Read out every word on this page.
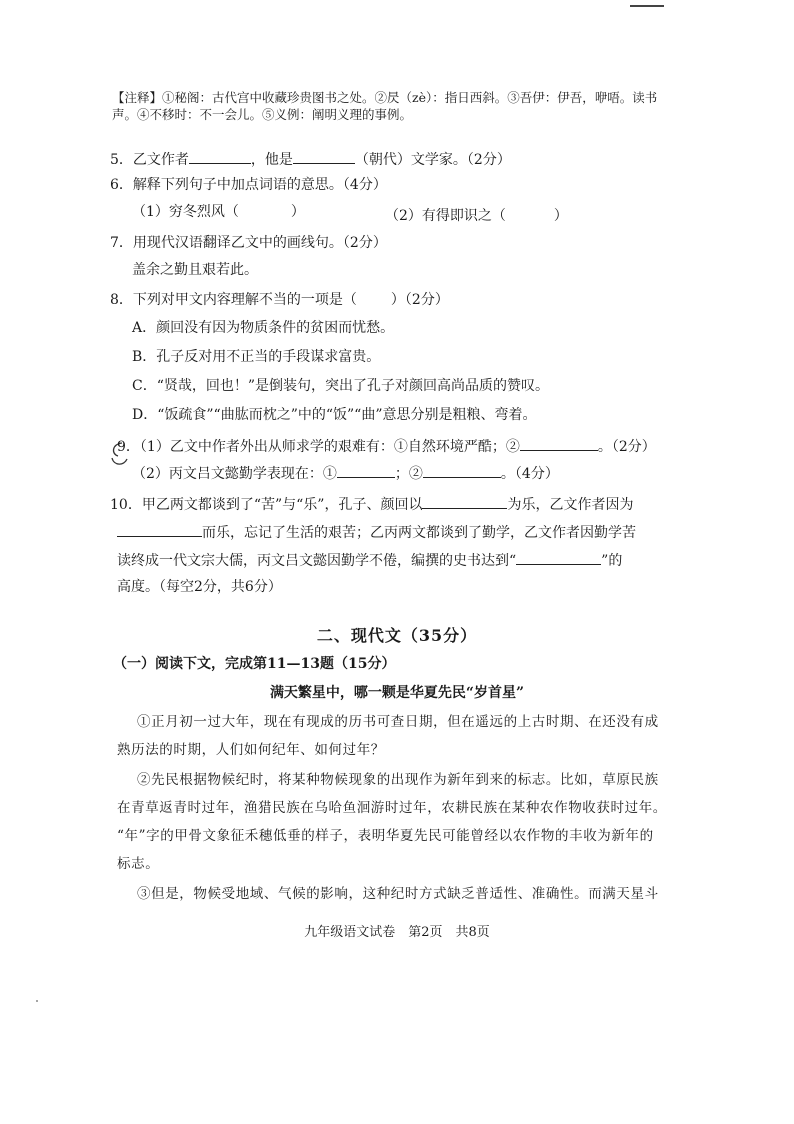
【注释】①秘阁：古代宫中收藏珍贵图书之处。②昃（zè）：指日西斜。③吾伊：伊吾，咿唔。读书
声。④不移时：不一会儿。⑤义例：阐明义理的事例。
5．乙文作者	，他是	（朝代）文学家。（2分）
6．解释下列句子中加点词语的意思。（4分）
（1）穷冬烈风（	）	（2）有得即识之（	）
7．用现代汉语翻译乙文中的画线句。（2分）
盖余之勤且艰若此。
8．下列对甲文内容理解不当的一项是（ ）（2分）
A．颜回没有因为物质条件的贫困而忧愁。
B．孔子反对用不正当的手段谋求富贵。
C．“贤哉，回也！”是倒装句，突出了孔子对颜回高尚品质的赞叹。
D．“饭疏食”“曲肱而枕之”中的“饭”“曲”意思分别是粗粮、弯着。
9．（1）乙文中作者外出从师求学的艰难有：①自然环境严酷；②	。（2分）
（2）丙文吕文懿勤学表现在：①	；②	。（4分）
10．甲乙两文都谈到了“苦”与“乐”，孔子、颜回以	为乐，乙文作者因为
而乐，忘记了生活的艰苦；乙丙两文都谈到了勤学，乙文作者因勤学苦
读终成一代文宗大儒，丙文吕文懿因勤学不倦，编撰的史书达到“	”的
高度。（每空2分，共6分）
二、现代文（35分）
（一）阅读下文，完成第11—13题（15分）
满天繁星中，哪一颗是华夏先民“岁首星”
①正月初一过大年，现在有现成的历书可查日期，但在遥远的上古时期、在还没有成
熟历法的时期，人们如何纪年、如何过年？
②先民根据物候纪时，将某种物候现象的出现作为新年到来的标志。比如，草原民族
在青草返青时过年，渔猎民族在乌哈鱼洄游时过年，农耕民族在某种农作物收获时过年。
“年”字的甲骨文象征禾穗低垂的样子，表明华夏先民可能曾经以农作物的丰收为新年的
标志。
③但是，物候受地域、气候的影响，这种纪时方式缺乏普适性、准确性。而满天星斗
九年级语文试卷　第2页　共8页
